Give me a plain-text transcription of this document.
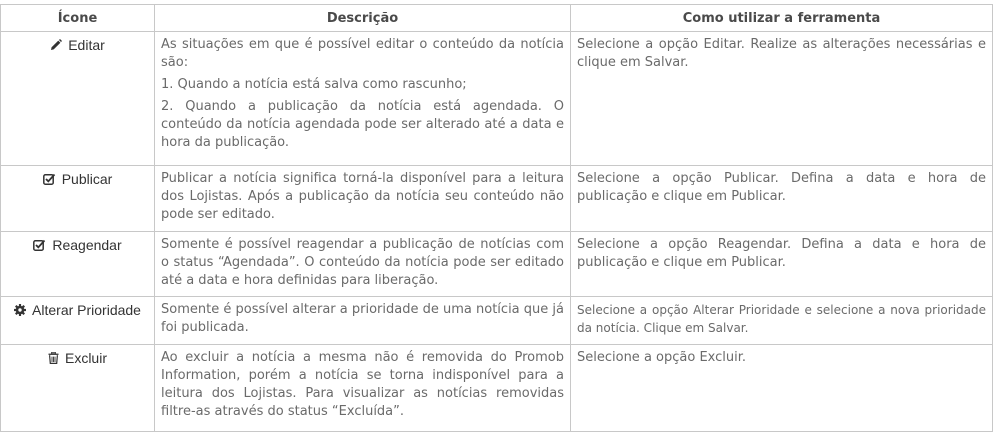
Ícone	Descrição	Como utilizar a ferramenta

Editar	As situações em que é possível editar o conteúdo da notícia são:

1. Quando a notícia está salva como rascunho;

2. Quando a publicação da notícia está agendada. O conteúdo da notícia agendada pode ser alterado até a data e hora da publicação.	Selecione a opção Editar. Realize as alterações necessárias e clique em Salvar.

Publicar	Publicar a notícia significa torná-la disponível para a leitura dos Lojistas. Após a publicação da notícia seu conteúdo não pode ser editado.	Selecione a opção Publicar. Defina a data e hora de publicação e clique em Publicar.

Reagendar	Somente é possível reagendar a publicação de notícias com o status “Agendada”. O conteúdo da notícia pode ser editado até a data e hora definidas para liberação.	Selecione a opção Reagendar. Defina a data e hora de publicação e clique em Publicar.

Alterar Prioridade	Somente é possível alterar a prioridade de uma notícia que já foi publicada.	Selecione a opção Alterar Prioridade e selecione a nova prioridade da notícia. Clique em Salvar.

Excluir	Ao excluir a notícia a mesma não é removida do Promob Information, porém a notícia se torna indisponível para a leitura dos Lojistas. Para visualizar as notícias removidas filtre-as através do status “Excluída”.	Selecione a opção Excluir.
